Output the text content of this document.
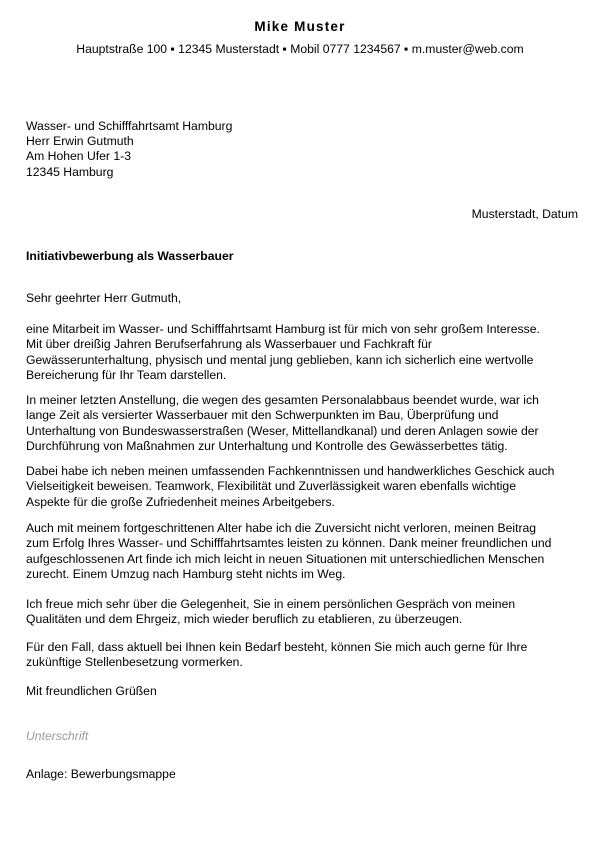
Mike Muster
Hauptstraße 100 ▪ 12345 Musterstadt ▪ Mobil 0777 1234567 ▪ m.muster@web.com
Wasser- und Schifffahrtsamt Hamburg
Herr Erwin Gutmuth
Am Hohen Ufer 1-3
12345 Hamburg
Musterstadt, Datum
Initiativbewerbung als Wasserbauer
Sehr geehrter Herr Gutmuth,
eine Mitarbeit im Wasser- und Schifffahrtsamt Hamburg ist für mich von sehr großem Interesse.
Mit über dreißig Jahren Berufserfahrung als Wasserbauer und Fachkraft für
Gewässerunterhaltung, physisch und mental jung geblieben, kann ich sicherlich eine wertvolle
Bereicherung für Ihr Team darstellen.
In meiner letzten Anstellung, die wegen des gesamten Personalabbaus beendet wurde, war ich
lange Zeit als versierter Wasserbauer mit den Schwerpunkten im Bau, Überprüfung und
Unterhaltung von Bundeswasserstraßen (Weser, Mittellandkanal) und deren Anlagen sowie der
Durchführung von Maßnahmen zur Unterhaltung und Kontrolle des Gewässerbettes tätig.
Dabei habe ich neben meinen umfassenden Fachkenntnissen und handwerkliches Geschick auch
Vielseitigkeit beweisen. Teamwork, Flexibilität und Zuverlässigkeit waren ebenfalls wichtige
Aspekte für die große Zufriedenheit meines Arbeitgebers.
Auch mit meinem fortgeschrittenen Alter habe ich die Zuversicht nicht verloren, meinen Beitrag
zum Erfolg Ihres Wasser- und Schifffahrtsamtes leisten zu können. Dank meiner freundlichen und
aufgeschlossenen Art finde ich mich leicht in neuen Situationen mit unterschiedlichen Menschen
zurecht. Einem Umzug nach Hamburg steht nichts im Weg.
Ich freue mich sehr über die Gelegenheit, Sie in einem persönlichen Gespräch von meinen
Qualitäten und dem Ehrgeiz, mich wieder beruflich zu etablieren, zu überzeugen.
Für den Fall, dass aktuell bei Ihnen kein Bedarf besteht, können Sie mich auch gerne für Ihre
zukünftige Stellenbesetzung vormerken.
Mit freundlichen Grüßen
Unterschrift
Anlage: Bewerbungsmappe
